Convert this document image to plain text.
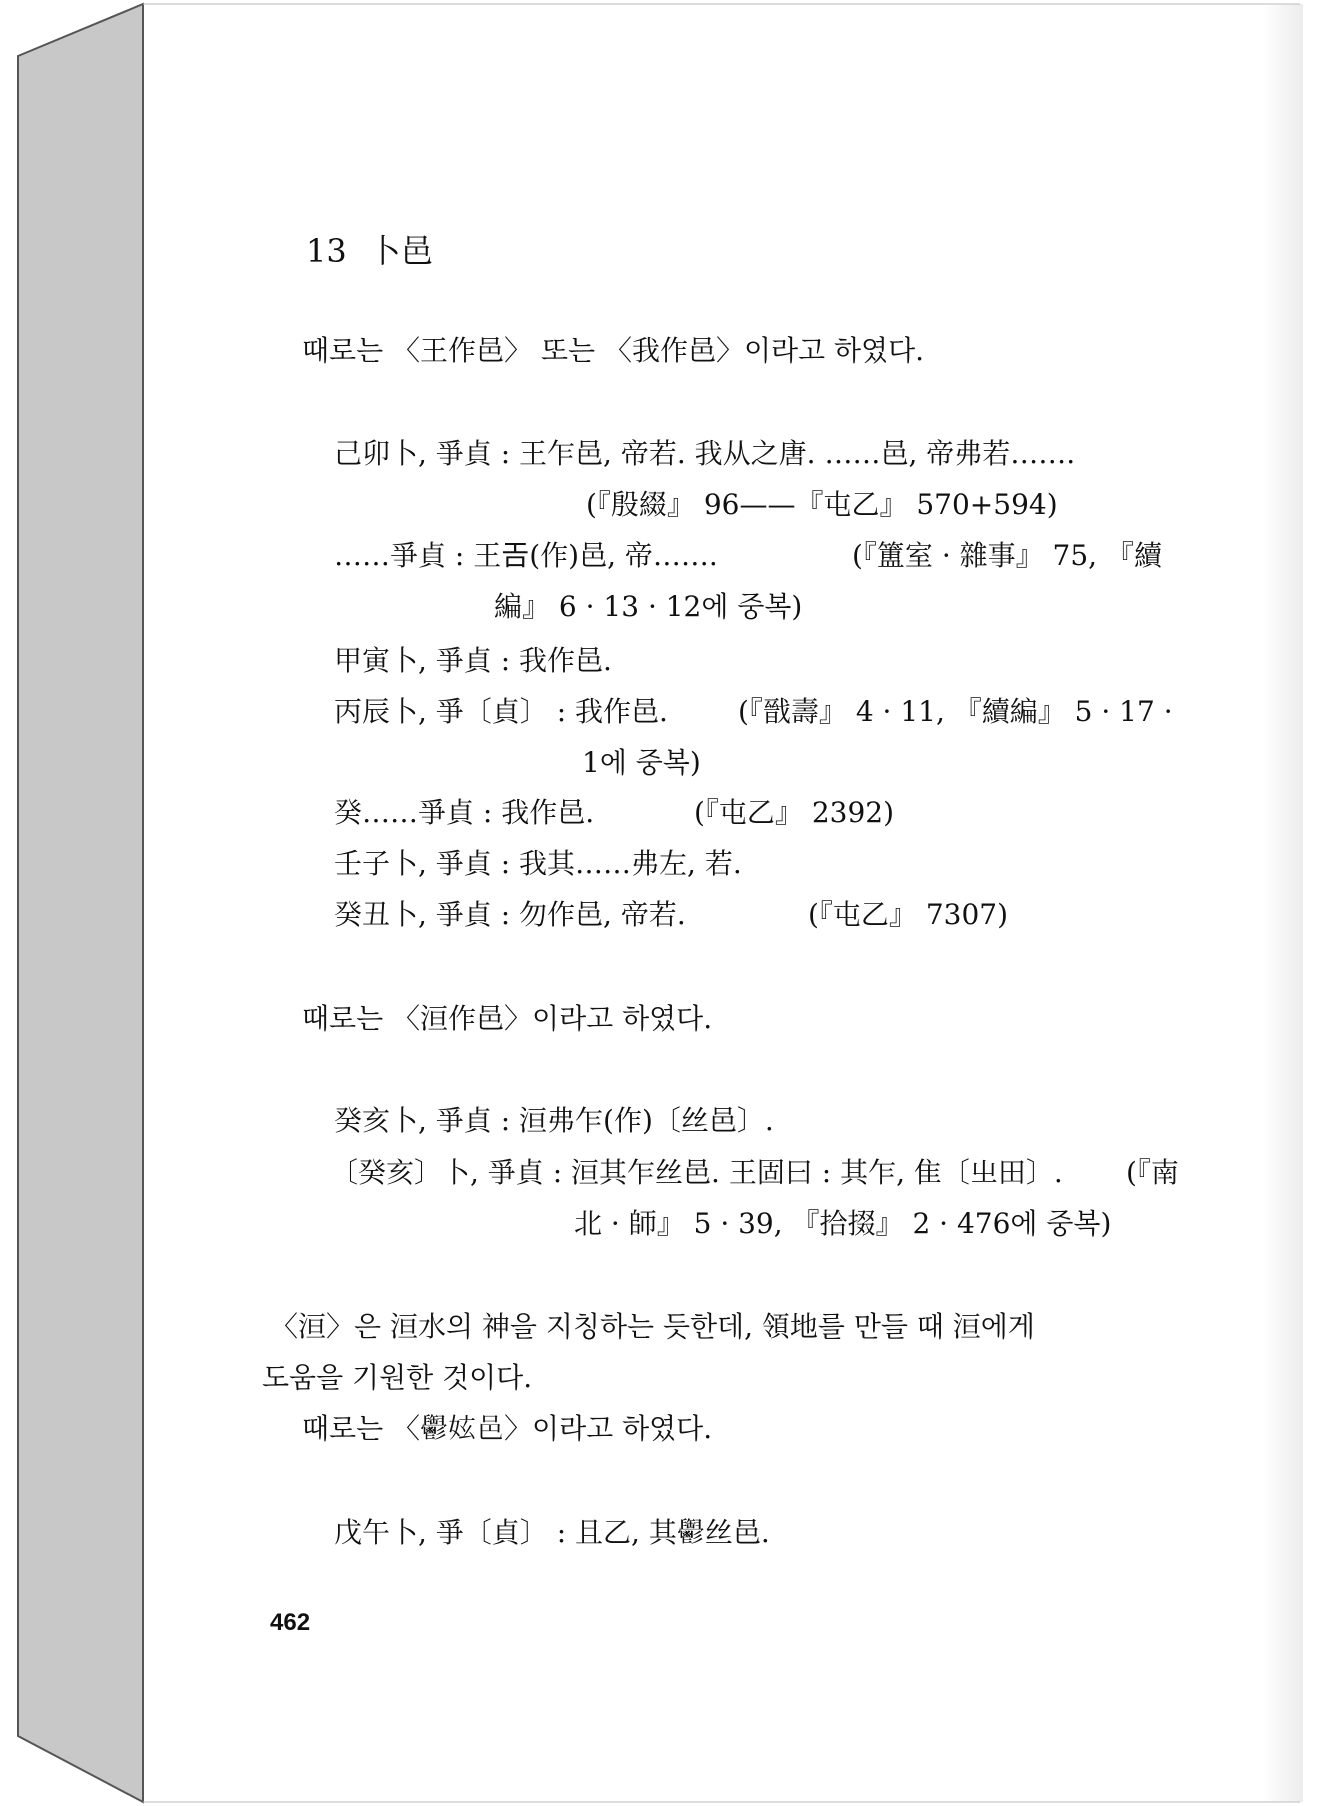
13 卜邑
때로는 〈王作邑〉 또는 〈我作邑〉이라고 하였다.
己卯卜, 爭貞 : 王乍邑, 帝若. 我从之唐. ……邑, 帝弗若…….
(『殷綴』 96——『屯乙』 570+594)
……爭貞 : 王𢀛(作)邑, 帝…….	(『簠室 · 雜事』 75, 『續
編』 6 · 13 · 12에 중복)
甲寅卜, 爭貞 : 我作邑.
丙辰卜, 爭〔貞〕 : 我作邑.	(『戩壽』 4 · 11, 『續編』 5 · 17 ·
1에 중복)
癸……爭貞 : 我作邑.	(『屯乙』 2392)
壬子卜, 爭貞 : 我其……弗左, 若.
癸丑卜, 爭貞 : 勿作邑, 帝若.	(『屯乙』 7307)
때로는 〈洹作邑〉이라고 하였다.
癸亥卜, 爭貞 : 洹弗乍(作)〔丝邑〕.
〔癸亥〕卜, 爭貞 : 洹其乍丝邑. 王固曰 : 其乍, 隹〔㞢田〕. (『南
北 · 師』 5 · 39, 『拾掇』 2 · 476에 중복)
〈洹〉은 洹水의 神을 지칭하는 듯한데, 領地를 만들 때 洹에게
도움을 기원한 것이다.
때로는 〈𩰪妶邑〉이라고 하였다.
戊午卜, 爭〔貞〕 : 且乙, 其𩰪丝邑.
462
